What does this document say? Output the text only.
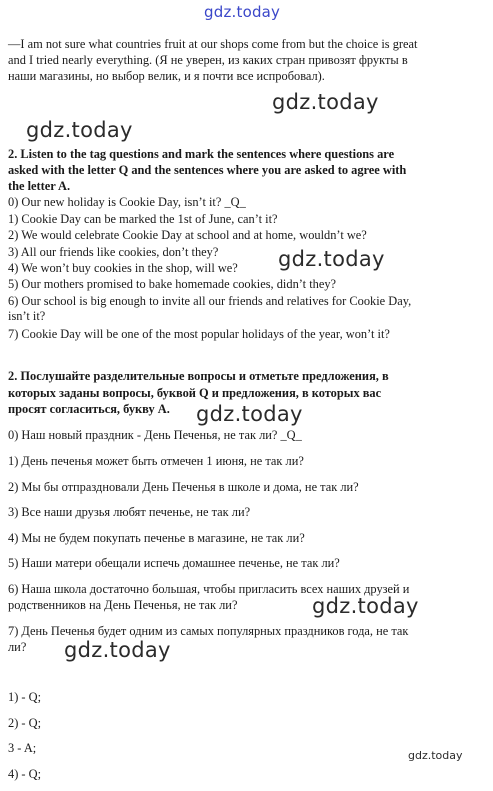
gdz.today
gdz.today
gdz.today
gdz.today
gdz.today
gdz.today
gdz.today
gdz.today
—I am not sure what countries fruit at our shops come from but the choice is great
and I tried nearly everything. (Я не уверен, из каких стран привозят фрукты в
наши магазины, но выбор велик, и я почти все испробовал).
2. Listen to the tag questions and mark the sentences where questions are
asked with the letter Q and the sentences where you are asked to agree with
the letter A.
0) Our new holiday is Cookie Day, isn’t it? _Q_
1) Cookie Day can be marked the 1st of June, can’t it?
2) We would celebrate Cookie Day at school and at home, wouldn’t we?
3) All our friends like cookies, don’t they?
4) We won’t buy cookies in the shop, will we?
5) Our mothers promised to bake homemade cookies, didn’t they?
6) Our school is big enough to invite all our friends and relatives for Cookie Day,
isn’t it?
7) Cookie Day will be one of the most popular holidays of the year, won’t it?
2. Послушайте разделительные вопросы и отметьте предложения, в
которых заданы вопросы, буквой Q и предложения, в которых вас
просят согласиться, букву А.
0) Наш новый праздник - День Печенья, не так ли? _Q_
1) День печенья может быть отмечен 1 июня, не так ли?
2) Мы бы отпраздновали День Печенья в школе и дома, не так ли?
3) Все наши друзья любят печенье, не так ли?
4) Мы не будем покупать печенье в магазине, не так ли?
5) Наши матери обещали испечь домашнее печенье, не так ли?
6) Наша школа достаточно большая, чтобы пригласить всех наших друзей и
родственников на День Печенья, не так ли?
7) День Печенья будет одним из самых популярных праздников года, не так
ли?
1) - Q;
2) - Q;
3 - A;
4) - Q;
